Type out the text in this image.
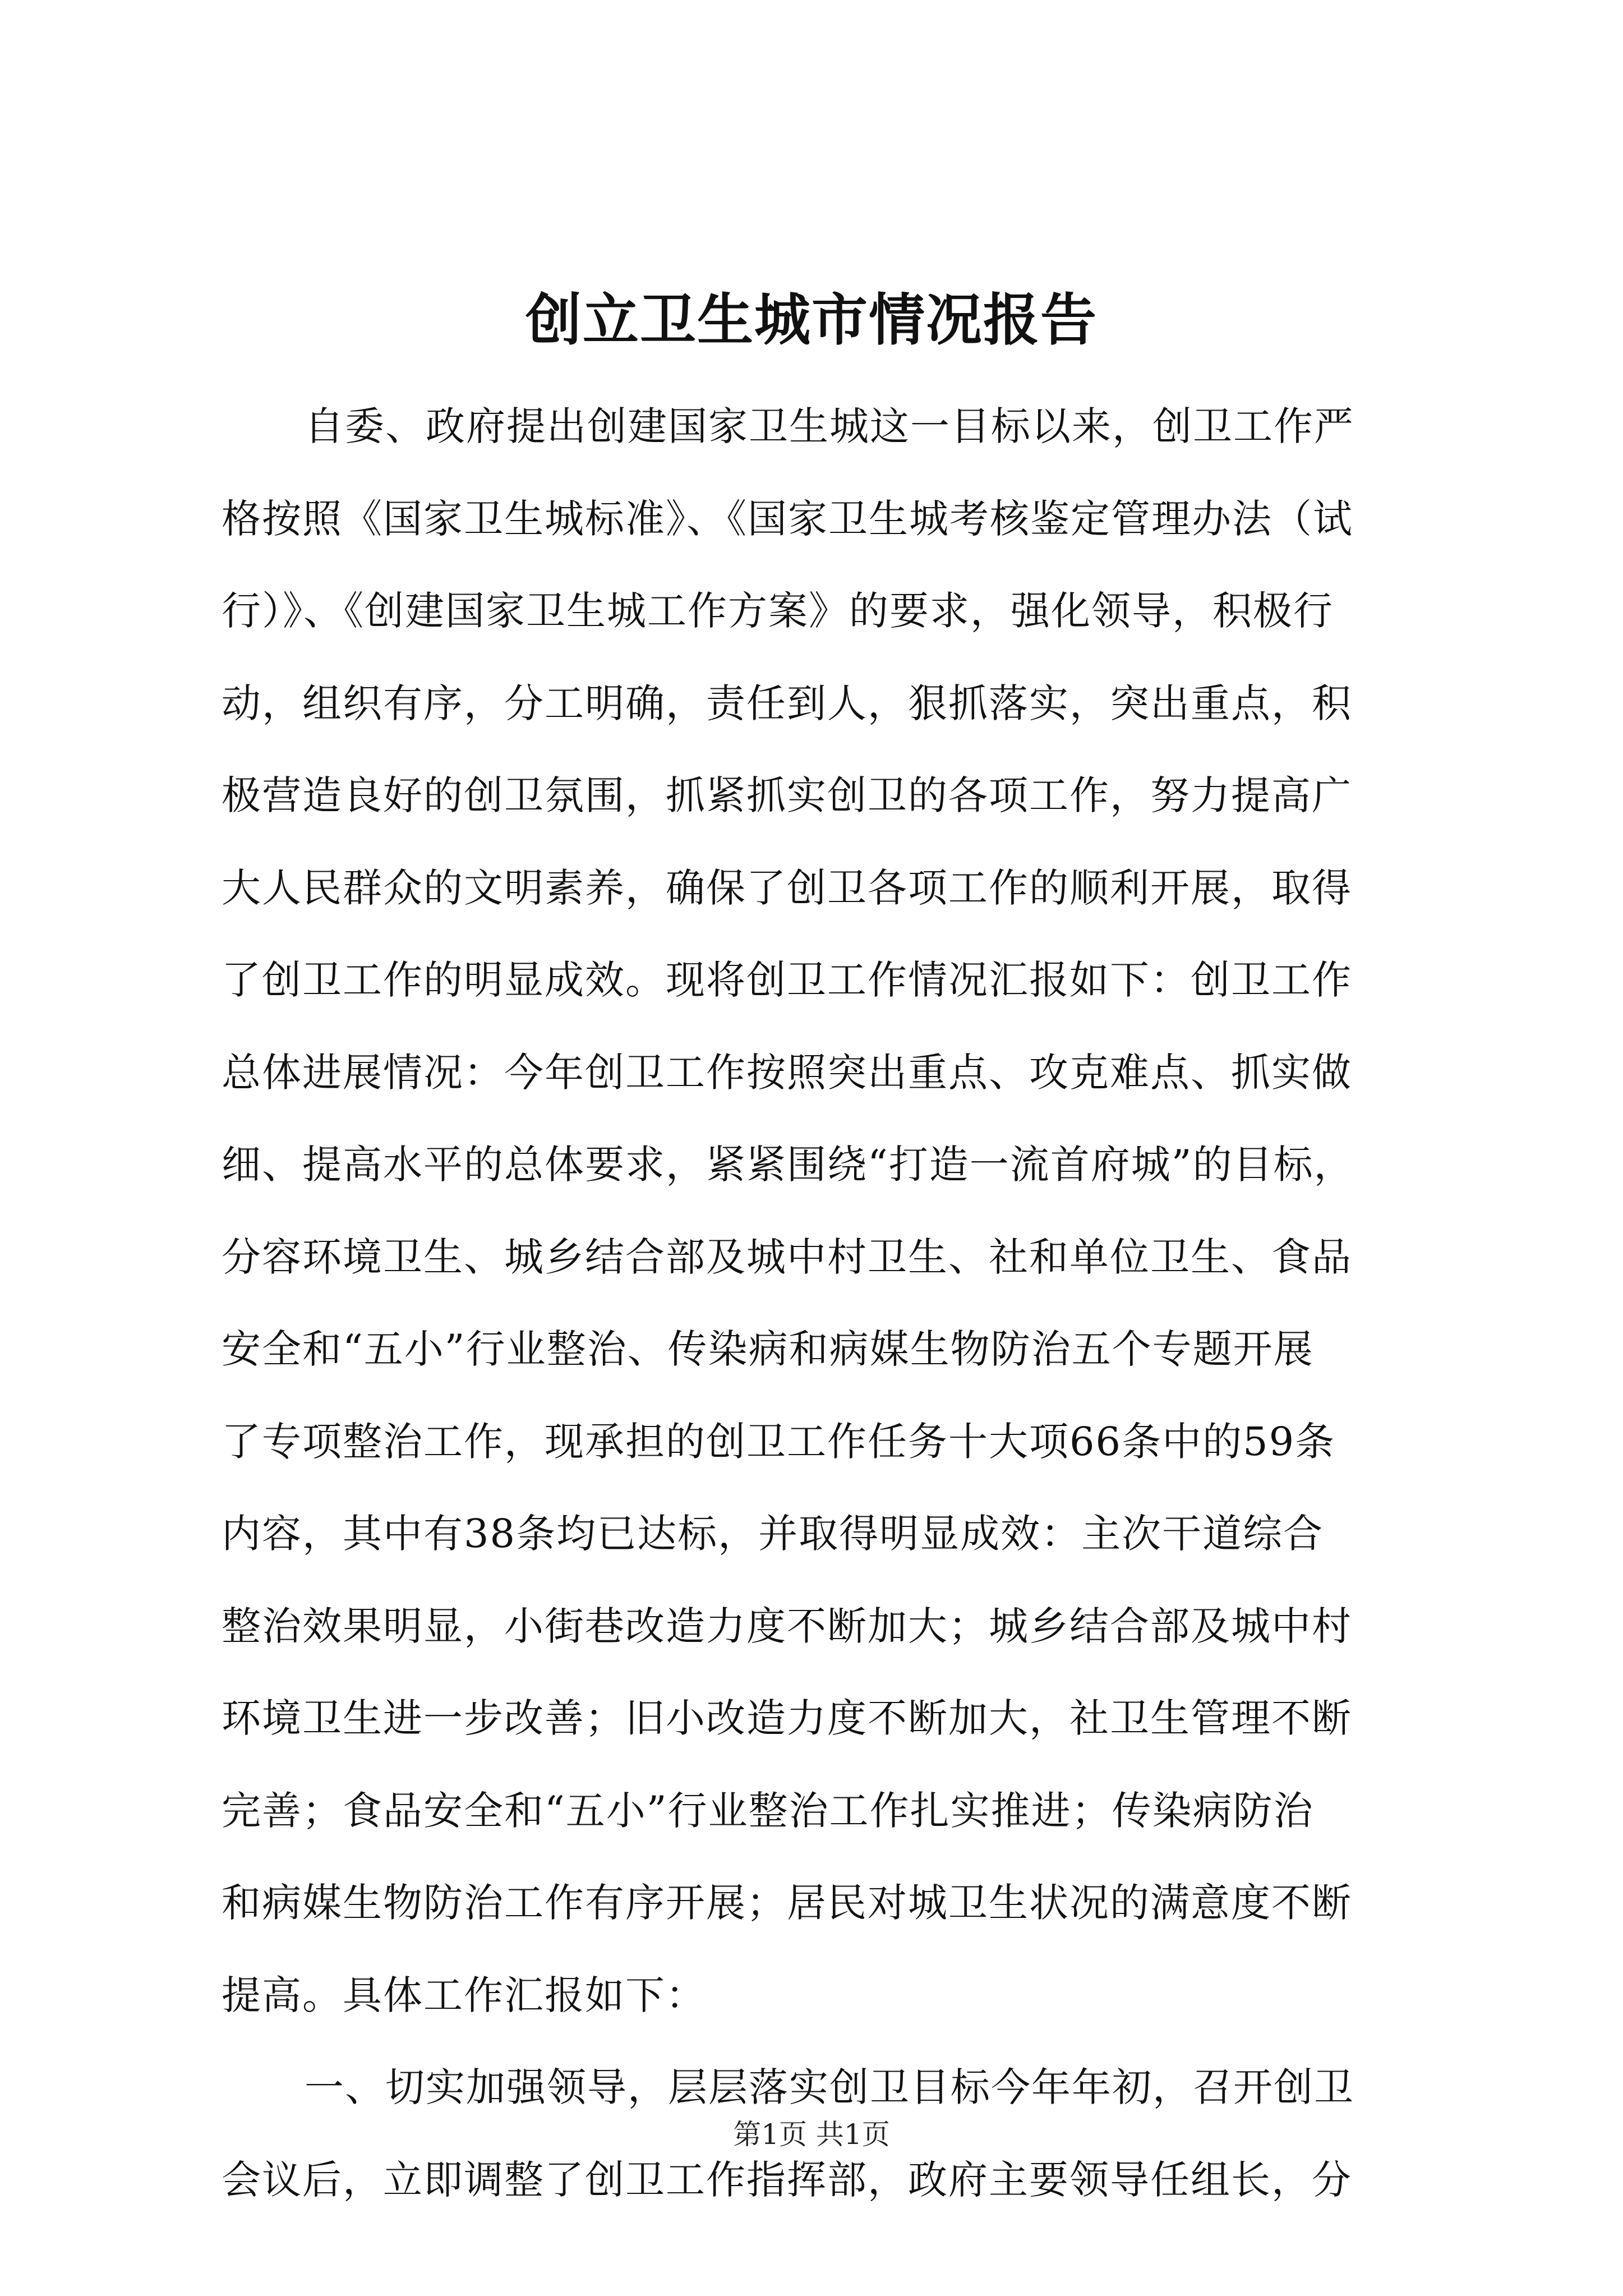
创立卫生城市情况报告
自委、政府提出创建国家卫生城这一目标以来，创卫工作严
格按照《国家卫生城标准》、《国家卫生城考核鉴定管理办法（试
行）》、《创建国家卫生城工作方案》的要求，强化领导，积极行
动，组织有序，分工明确，责任到人，狠抓落实，突出重点，积
极营造良好的创卫氛围，抓紧抓实创卫的各项工作，努力提高广
大人民群众的文明素养，确保了创卫各项工作的顺利开展，取得
了创卫工作的明显成效。现将创卫工作情况汇报如下：创卫工作
总体进展情况：今年创卫工作按照突出重点、攻克难点、抓实做
细、提高水平的总体要求，紧紧围绕“打造一流首府城”的目标，
分容环境卫生、城乡结合部及城中村卫生、社和单位卫生、食品
安全和“五小”行业整治、传染病和病媒生物防治五个专题开展
了专项整治工作，现承担的创卫工作任务十大项66条中的59条
内容，其中有38条均已达标，并取得明显成效：主次干道综合
整治效果明显，小街巷改造力度不断加大；城乡结合部及城中村
环境卫生进一步改善；旧小改造力度不断加大，社卫生管理不断
完善；食品安全和“五小”行业整治工作扎实推进；传染病防治
和病媒生物防治工作有序开展；居民对城卫生状况的满意度不断
提高。具体工作汇报如下：
一、切实加强领导，层层落实创卫目标今年年初，召开创卫
会议后，立即调整了创卫工作指挥部，政府主要领导任组长，分
第1页 共1页
